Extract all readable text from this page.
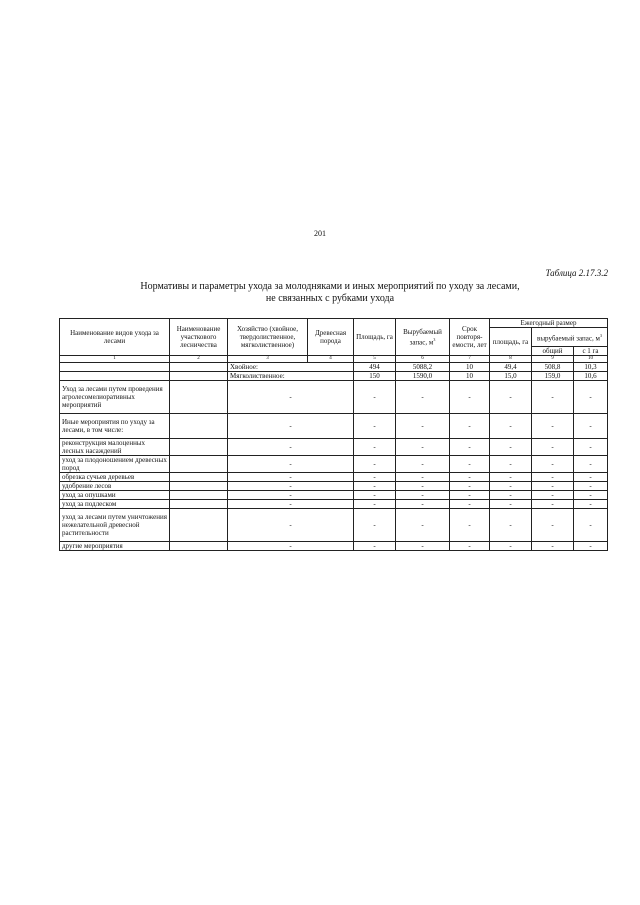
201
Таблица 2.17.3.2
Нормативы и параметры ухода за молодняками и иных мероприятий по уходу за лесами,
не связанных с рубками ухода
Наименование видов ухода за лесами	Наименование участкового лесничества	Хозяйство (хвойное, твердолиственное, мягколиственное)	Древесная порода	Площадь, га	Вырубаемый запас, $м^3$	Срок повторя-емости, лет	Ежегодный размер		
							площадь, га	вырубаемый запас, $м^3$
								общий	с 1 га
1	2	3	4	5	6	7	8	9	10
		Хвойное:		494	5088,2	10	49,4	508,8	10,3
		Мягколиственное:		150	1590,0	10	15,0	159,0	10,6
Уход за лесами путем проведения агролесомелиоративных мероприятий		-		-	-	-	-	-	-
Иные мероприятия по уходу за лесами, в том числе:		-		-	-	-	-	-	-
реконструкция малоценных лесных насаждений		-		-	-	-	-	-	-
уход за плодоношением древесных пород		-		-	-	-	-	-	-
обрезка сучьев деревьев		-		-	-	-	-	-	-
удобрение лесов		-		-	-	-	-	-	-
уход за опушками		-		-	-	-	-	-	-
уход за подлеском		-		-	-	-	-	-	-
уход за лесами путем уничтожения нежелательной древесной растительности		-		-	-	-	-	-	-
другие мероприятия		-		-	-	-	-	-	-
